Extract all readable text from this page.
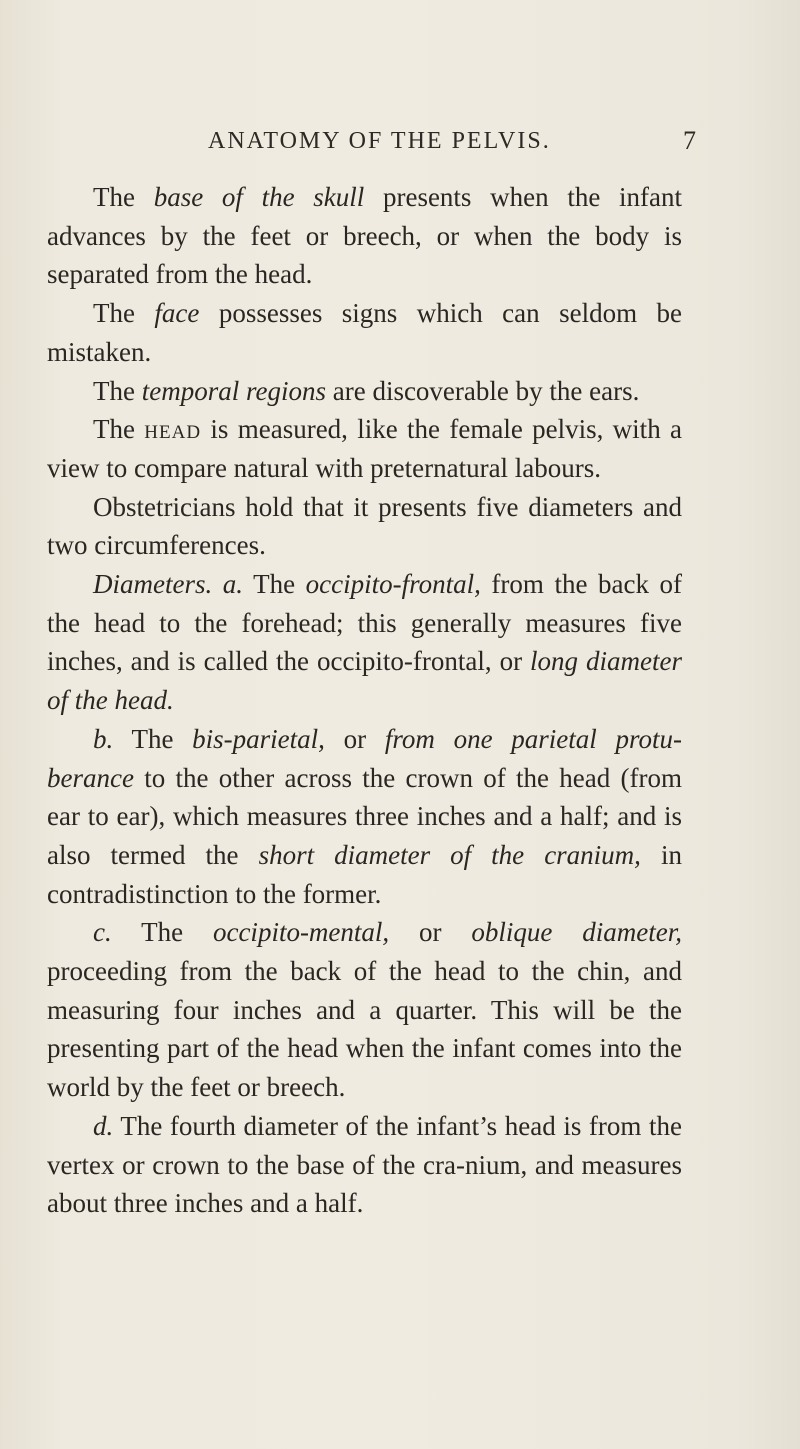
ANATOMY OF THE PELVIS.	7

The base of the skull presents when the infant advances by the feet or breech, or when the body is separated from the head.

The face possesses signs which can seldom be mistaken.

The temporal regions are discoverable by the ears.

The head is measured, like the female pelvis, with a view to compare natural with preternatural labours.

Obstetricians hold that it presents five diameters and two circumferences.

Diameters. a. The occipito-frontal, from the back of the head to the forehead; this generally measures five inches, and is called the occipito-frontal, or long diameter of the head.

b. The bis-parietal, or from one parietal protu-berance to the other across the crown of the head (from ear to ear), which measures three inches and a half; and is also termed the short diameter of the cranium, in contradistinction to the former.

c. The occipito-mental, or oblique diameter, proceeding from the back of the head to the chin, and measuring four inches and a quarter. This will be the presenting part of the head when the infant comes into the world by the feet or breech.

d. The fourth diameter of the infant’s head is from the vertex or crown to the base of the cra-nium, and measures about three inches and a half.
